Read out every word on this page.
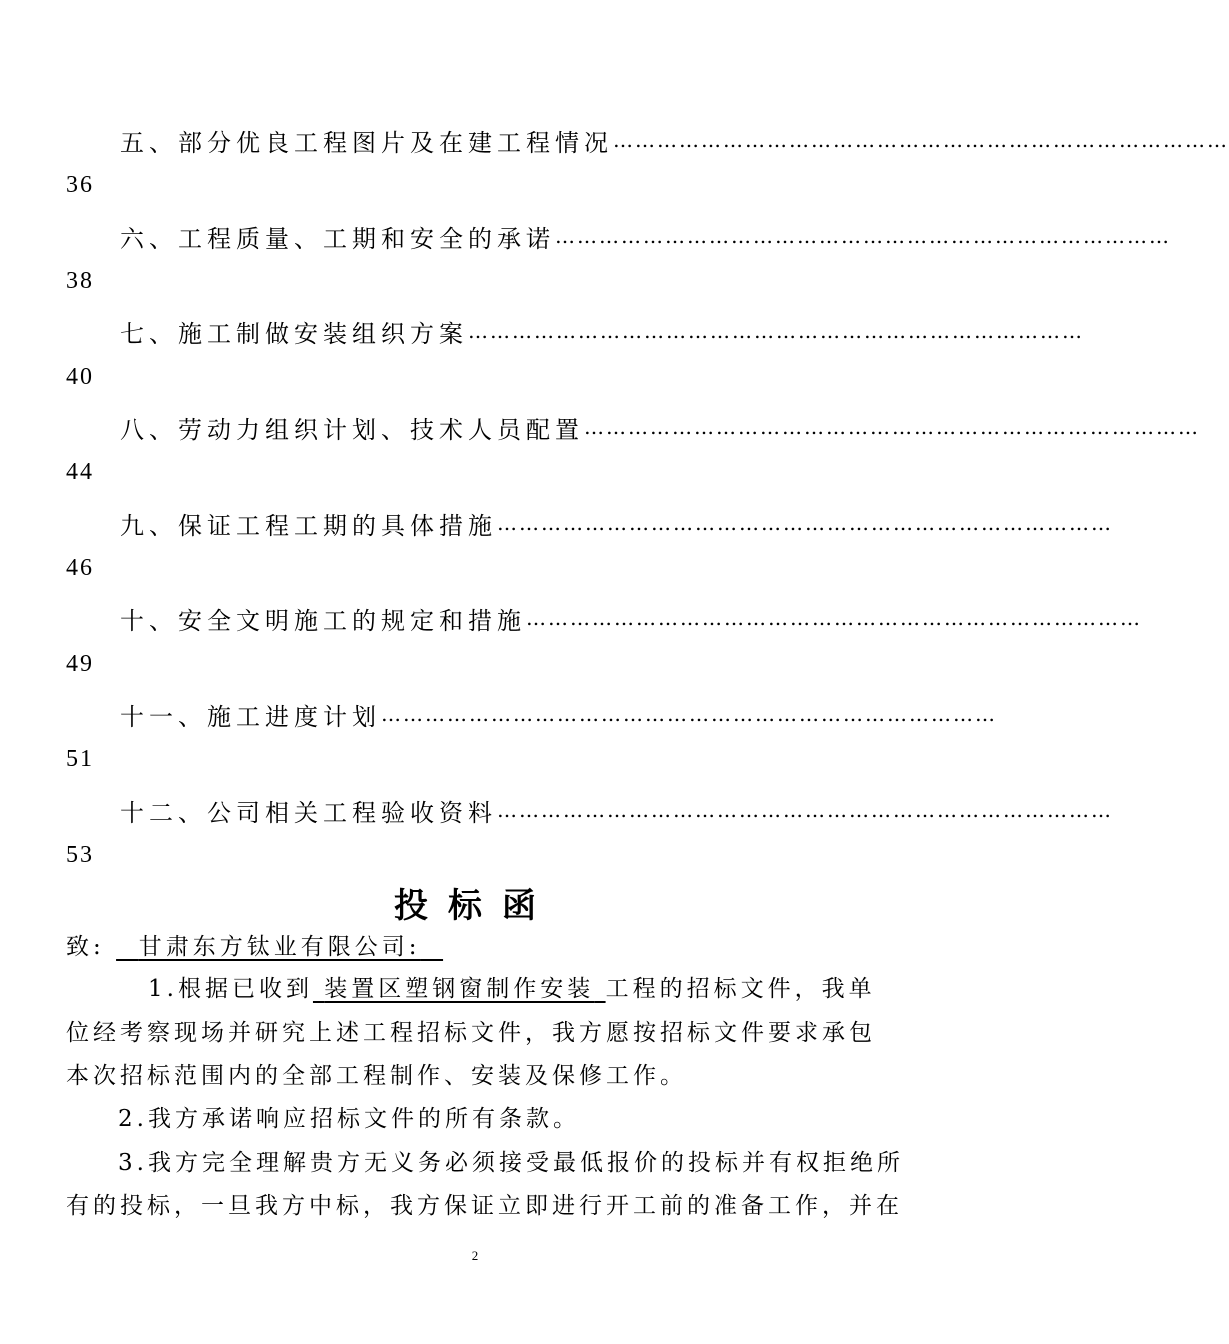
五、部分优良工程图片及在建工程情况 …………………………………………………………………………
36
六、工程质量、工期和安全的承诺 …………………………………………………………………………
38
七、施工制做安装组织方案 …………………………………………………………………………
40
八、劳动力组织计划、技术人员配置 …………………………………………………………………………
44
九、保证工程工期的具体措施 …………………………………………………………………………
46
十、安全文明施工的规定和措施 …………………………………………………………………………
49
十一、施工进度计划 …………………………………………………………………………
51
十二、公司相关工程验收资料 …………………………………………………………………………
53
投标函
致: 甘肃东方钛业有限公司:
1.根据已收到 装置区塑钢窗制作安装 工程的招标文件，我单
位经考察现场并研究上述工程招标文件，我方愿按招标文件要求承包
本次招标范围内的全部工程制作、安装及保修工作。
2.我方承诺响应招标文件的所有条款。
3.我方完全理解贵方无义务必须接受最低报价的投标并有权拒绝所
有的投标，一旦我方中标，我方保证立即进行开工前的准备工作，并在
2
